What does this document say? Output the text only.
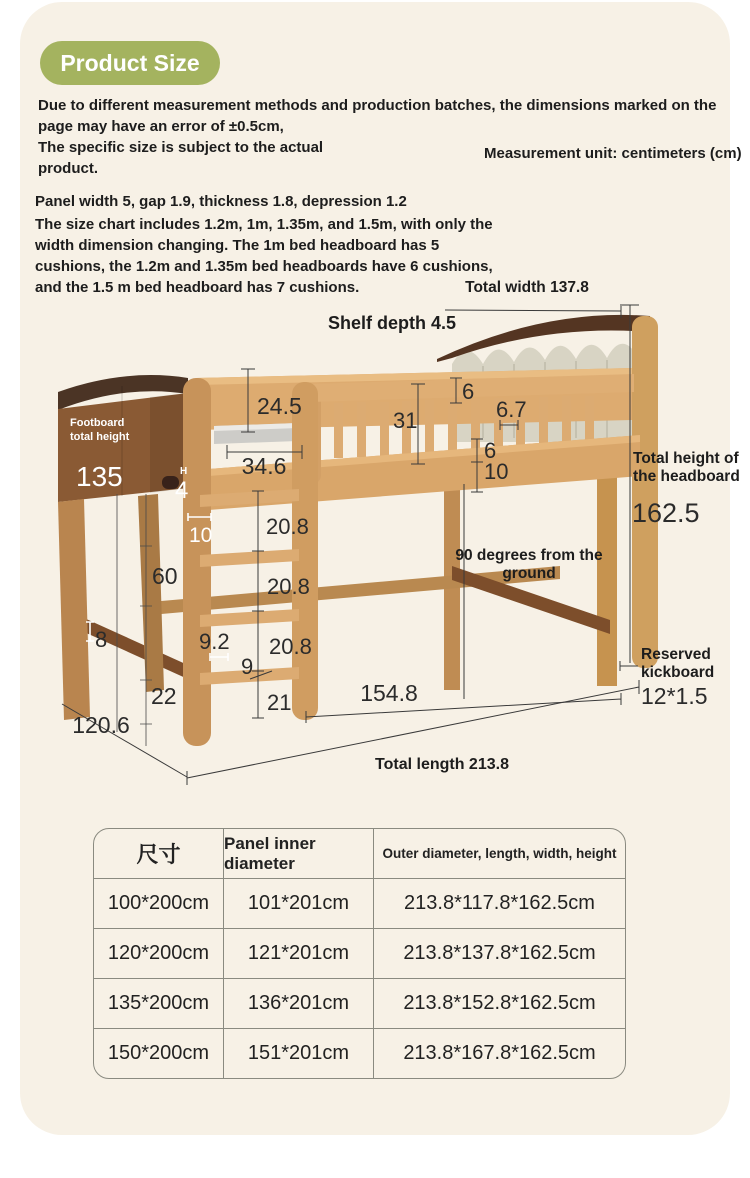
Product Size
Due to different measurement methods and production batches, the dimensions marked on the page may have an error of ±0.5cm,
The specific size is subject to the actual product.
Measurement unit: centimeters (cm)
Panel width 5, gap 1.9, thickness 1.8, depression 1.2
The size chart includes 1.2m, 1m, 1.35m, and 1.5m, with only the width dimension changing. The 1m bed headboard has 5 cushions, the 1.2m and 1.35m bed headboards have 6 cushions, and the 1.5 m bed headboard has 7 cushions.	Total width 137.8
Shelf depth 4.5
24.5
34.6
31
6
6.7
6
10
Footboard
total height
135	H
4
10 20.8
20.8
20.8
21
60
22
8	9.2
9
120.6
154.8	12*1.5
90 degrees from the
ground
Total height of
the headboard
162.5
Reserved
kickboard
Total length 213.8
尺寸	Panel inner diameter	Outer diameter, length, width, height
100*200cm	101*201cm	213.8*117.8*162.5cm
120*200cm	121*201cm	213.8*137.8*162.5cm
135*200cm	136*201cm	213.8*152.8*162.5cm
150*200cm	151*201cm	213.8*167.8*162.5cm
